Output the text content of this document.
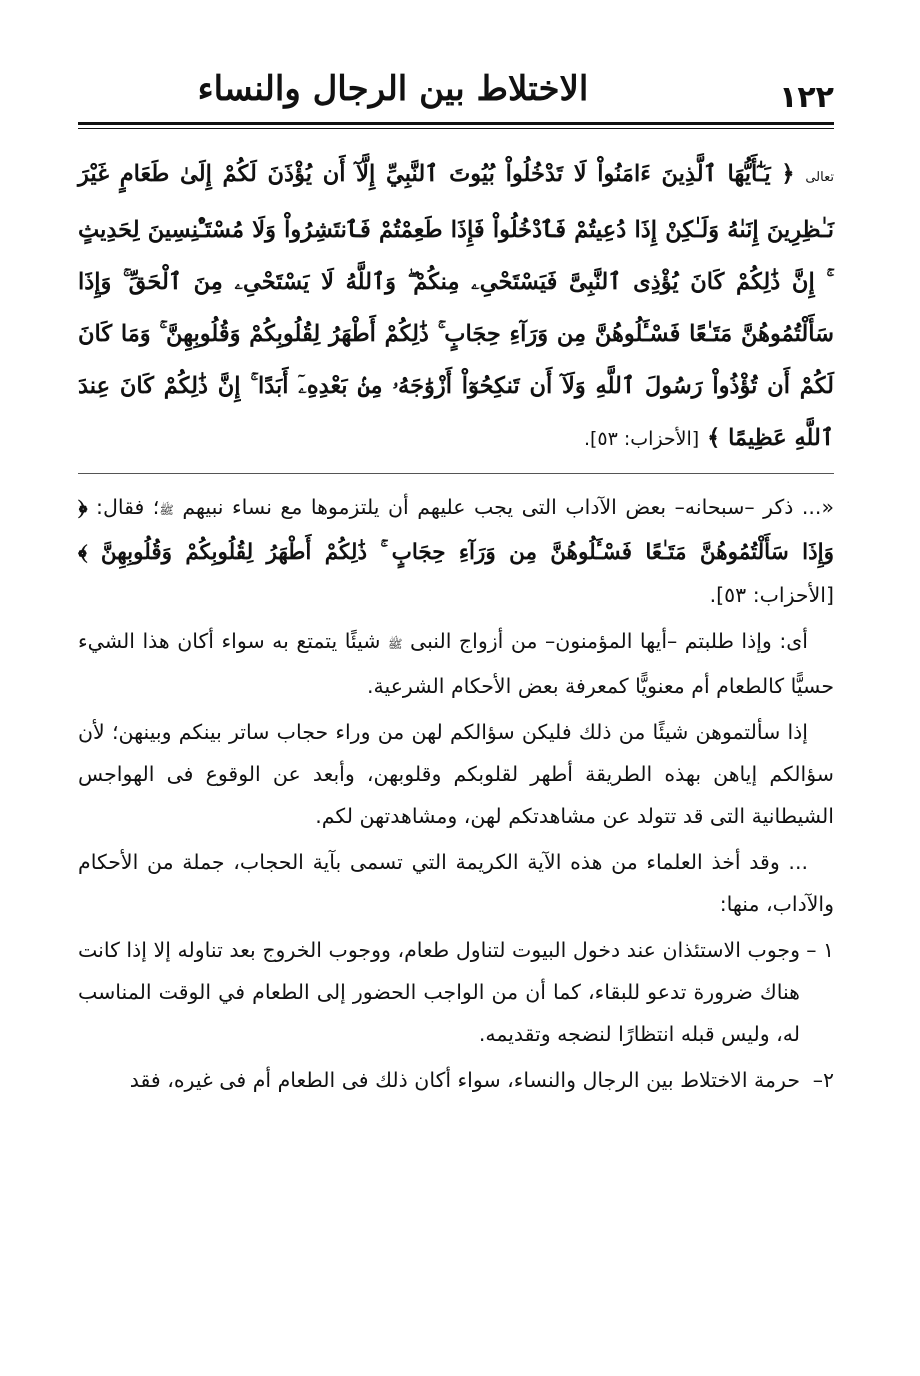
١٢٢
الاختلاط بين الرجال والنساء

تعالى ﴿ يَـٰٓأَيُّهَا ٱلَّذِينَ ءَامَنُواْ لَا تَدْخُلُواْ بُيُوتَ ٱلنَّبِيِّ إِلَّآ أَن يُؤْذَنَ لَكُمْ إِلَىٰ طَعَامٍ غَيْرَ نَـٰظِرِينَ إِنَىٰهُ وَلَـٰكِنْ إِذَا دُعِيتُمْ فَٱدْخُلُواْ فَإِذَا طَعِمْتُمْ فَٱنتَشِرُواْ وَلَا مُسْتَـْٔنِسِينَ لِحَدِيثٍ ۚ إِنَّ ذَٰلِكُمْ كَانَ يُؤْذِى ٱلنَّبِىَّ فَيَسْتَحْىِۦ مِنكُمْ ۖ وَٱللَّهُ لَا يَسْتَحْىِۦ مِنَ ٱلْحَقِّ ۚ وَإِذَا سَأَلْتُمُوهُنَّ مَتَـٰعًا فَسْـَٔلُوهُنَّ مِن وَرَآءِ حِجَابٍ ۚ ذَٰلِكُمْ أَطْهَرُ لِقُلُوبِكُمْ وَقُلُوبِهِنَّ ۚ وَمَا كَانَ لَكُمْ أَن تُؤْذُواْ رَسُولَ ٱللَّهِ وَلَآ أَن تَنكِحُوٓاْ أَزْوَٰجَهُۥ مِنۢ بَعْدِهِۦٓ أَبَدًا ۚ إِنَّ ذَٰلِكُمْ كَانَ عِندَ ٱللَّهِ عَظِيمًا ﴾ [الأحزاب: ٥٣].

«... ذكر –سبحانه– بعض الآداب التى يجب عليهم أن يلتزموها مع نساء نبيهم ﷺ؛ فقال: ﴿ وَإِذَا سَأَلْتُمُوهُنَّ مَتَـٰعًا فَسْـَٔلُوهُنَّ مِن وَرَآءِ حِجَابٍ ۚ ذَٰلِكُمْ أَطْهَرُ لِقُلُوبِكُمْ وَقُلُوبِهِنَّ ﴾ [الأحزاب: ٥٣].

أى: وإذا طلبتم –أيها المؤمنون– من أزواج النبى ﷺ شيئًا يتمتع به سواء أكان هذا الشيء حسيًّا كالطعام أم معنويًّا كمعرفة بعض الأحكام الشرعية.

إذا سألتموهن شيئًا من ذلك فليكن سؤالكم لهن من وراء حجاب ساتر بينكم وبينهن؛ لأن سؤالكم إياهن بهذه الطريقة أطهر لقلوبكم وقلوبهن، وأبعد عن الوقوع فى الهواجس الشيطانية التى قد تتولد عن مشاهدتكم لهن، ومشاهدتهن لكم.

... وقد أخذ العلماء من هذه الآية الكريمة التي تسمى بآية الحجاب، جملة من الأحكام والآداب، منها:

١ –
وجوب الاستئذان عند دخول البيوت لتناول طعام، ووجوب الخروج بعد تناوله إلا إذا كانت هناك ضرورة تدعو للبقاء، كما أن من الواجب الحضور إلى الطعام في الوقت المناسب له، وليس قبله انتظارًا لنضجه وتقديمه.
٢–
حرمة الاختلاط بين الرجال والنساء، سواء أكان ذلك فى الطعام أم فى غيره، فقد
